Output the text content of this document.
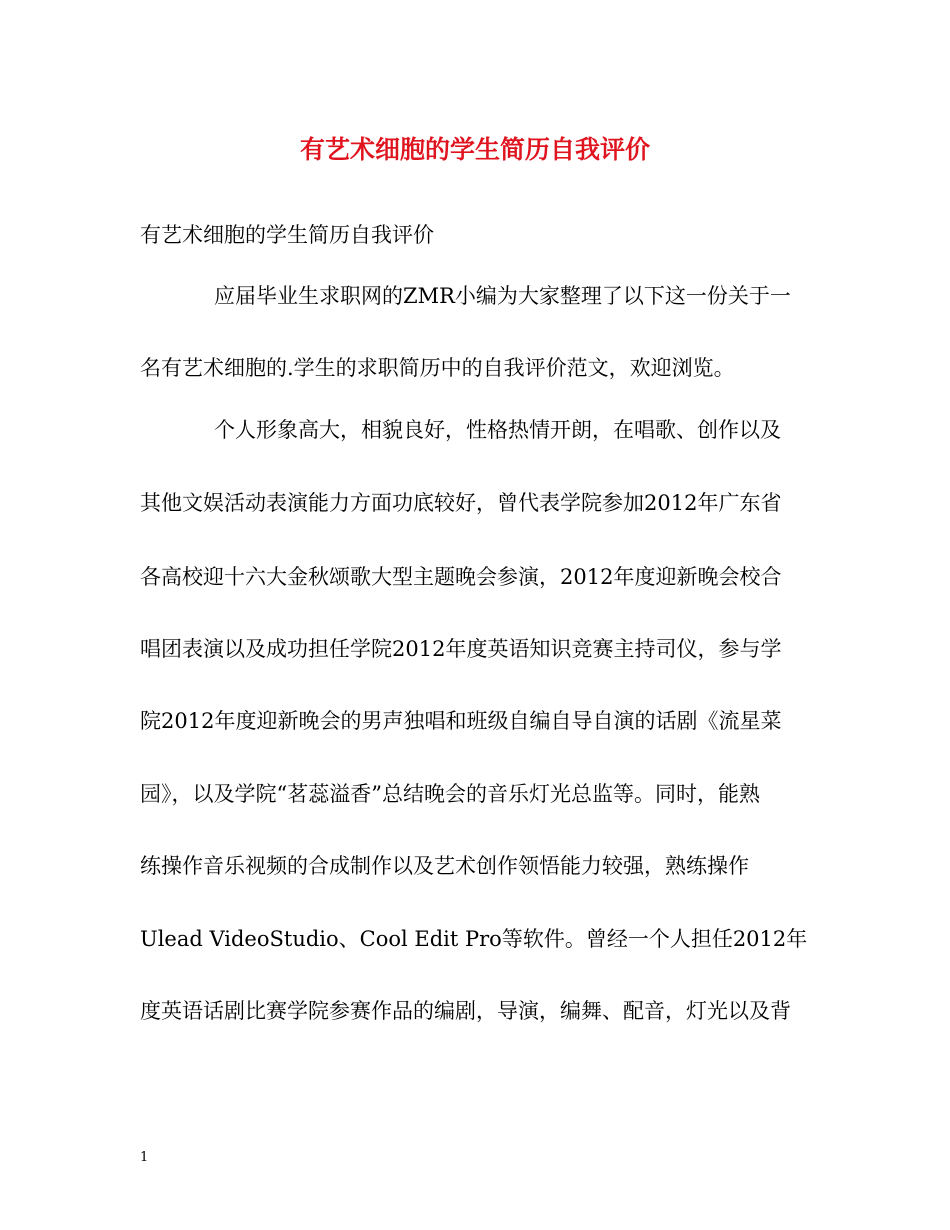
有艺术细胞的学生简历自我评价
有艺术细胞的学生简历自我评价
应届毕业生求职网的ZMR小编为大家整理了以下这一份关于一
名有艺术细胞的.学生的求职简历中的自我评价范文，欢迎浏览。
个人形象高大，相貌良好，性格热情开朗，在唱歌、创作以及
其他文娱活动表演能力方面功底较好，曾代表学院参加2012年广东省
各高校迎十六大金秋颂歌大型主题晚会参演，2012年度迎新晚会校合
唱团表演以及成功担任学院2012年度英语知识竞赛主持司仪，参与学
院2012年度迎新晚会的男声独唱和班级自编自导自演的话剧《流星菜
园》，以及学院“茗蕊溢香”总结晚会的音乐灯光总监等。同时，能熟
练操作音乐视频的合成制作以及艺术创作领悟能力较强，熟练操作
Ulead VideoStudio、Cool Edit Pro等软件。曾经一个人担任2012年
度英语话剧比赛学院参赛作品的编剧，导演，编舞、配音，灯光以及背
1
